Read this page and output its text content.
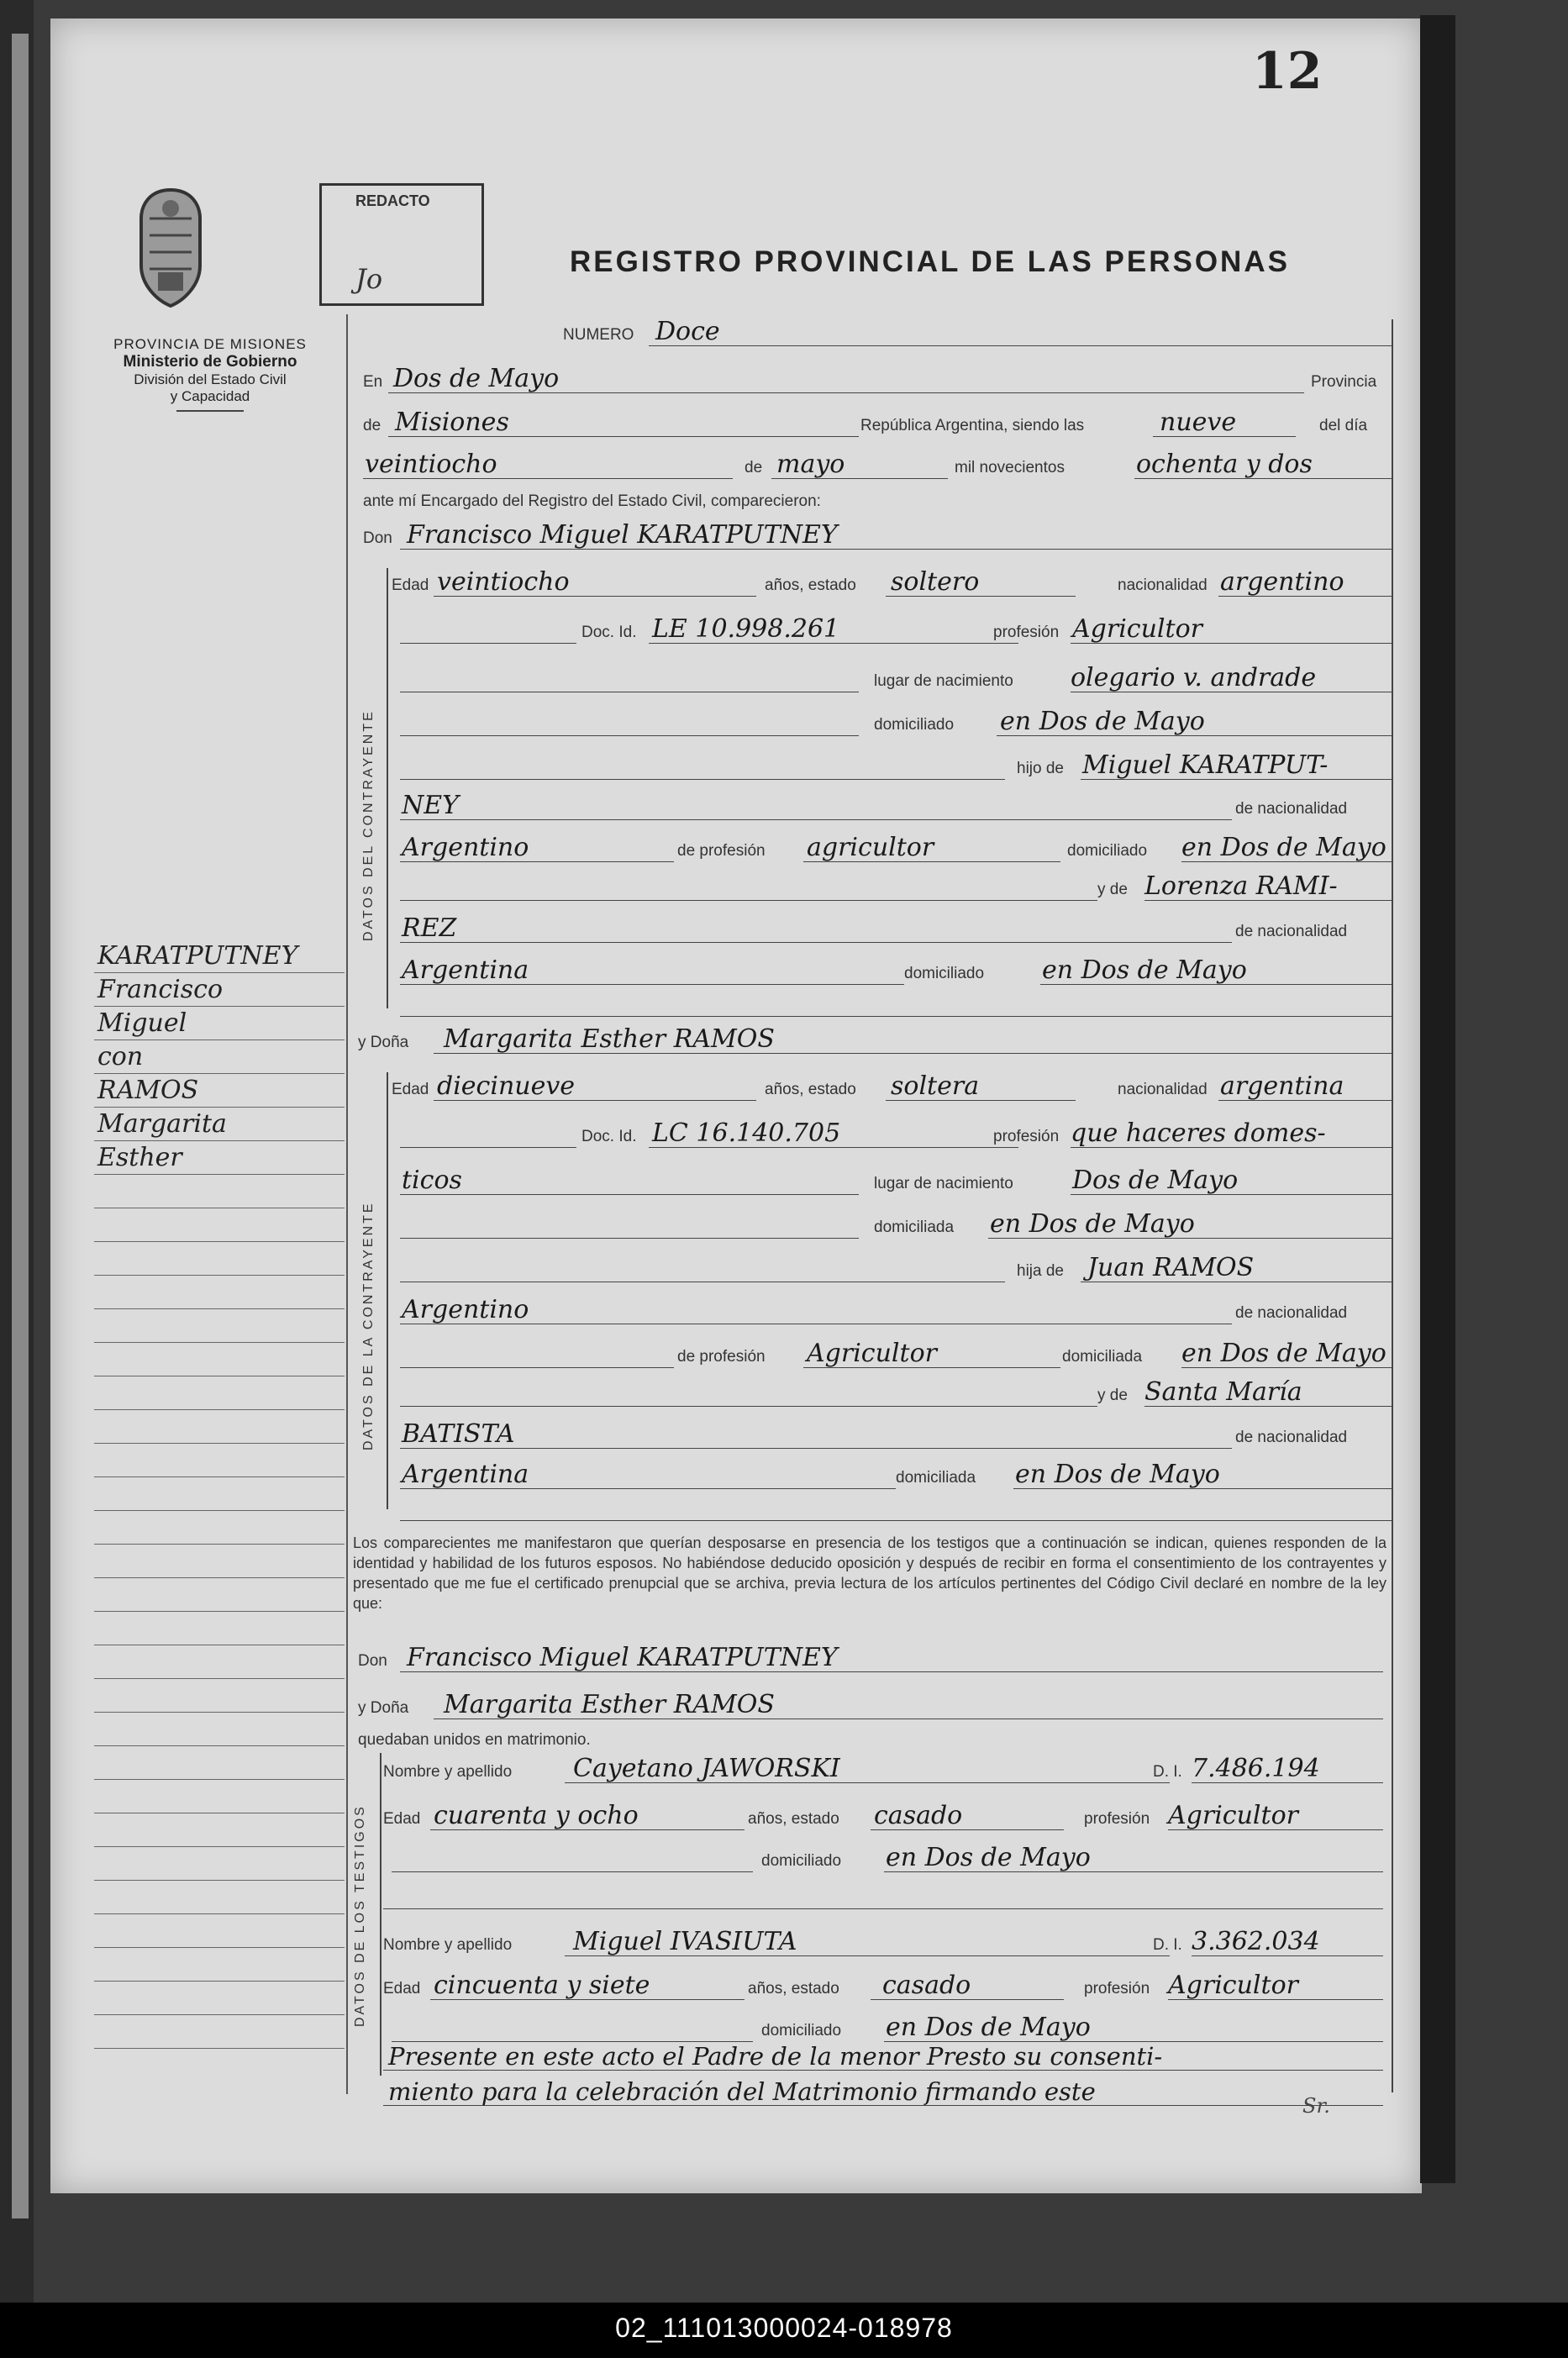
02_111013000024-018978
12
PROVINCIA DE MISIONES
Ministerio de Gobierno
División del Estado Civil
y Capacidad
REDACTO
Jo
REGISTRO PROVINCIAL DE LAS PERSONAS
KARATPUTNEY
Francisco
Miguel
con
RAMOS
Margarita
Esther
NUMERO Doce
En Dos de Mayo	Provincia
de Misiones	República Argentina, siendo las	nueve	del día
veintiocho	de mayo	mil novecientos	ochenta y dos
ante mí Encargado del Registro del Estado Civil, comparecieron:
Don Francisco Miguel KARATPUTNEY
DATOS DEL CONTRAYENTE
Edad veintiocho	años, estado soltero	nacionalidad argentino
Doc. Id. LE 10.998.261	profesión Agricultor
lugar de nacimiento olegario v. andrade
domiciliado en Dos de Mayo
hijo de Miguel KARATPUT-
NEY	de nacionalidad
Argentino	de profesión agricultor	domiciliado en Dos de Mayo
y de Lorenza RAMI-
REZ	de nacionalidad
Argentina	domiciliado en Dos de Mayo
y Doña Margarita Esther RAMOS
DATOS DE LA CONTRAYENTE
Edad diecinueve	años, estado soltera	nacionalidad argentina
Doc. Id. LC 16.140.705	profesión que haceres domes-
ticos	lugar de nacimiento Dos de Mayo
domiciliada en Dos de Mayo
hija de Juan RAMOS
Argentino	de nacionalidad
de profesión Agricultor	domiciliada en Dos de Mayo
y de Santa María
BATISTA	de nacionalidad
Argentina	domiciliada en Dos de Mayo
Los comparecientes me manifestaron que querían desposarse en presencia de los testigos que a continuación se indican, quienes responden de la identidad y habilidad de los futuros esposos. No habiéndose deducido oposición y después de recibir en forma el consentimiento de los contrayentes y presentado que me fue el certificado prenupcial que se archiva, previa lectura de los artículos pertinentes del Código Civil declaré en nombre de la ley que:
Don Francisco Miguel KARATPUTNEY
y Doña Margarita Esther RAMOS
quedaban unidos en matrimonio.
DATOS DE LOS TESTIGOS
Nombre y apellido Cayetano JAWORSKI	D. I. 7.486.194
Edad cuarenta y ocho	años, estado casado	profesión Agricultor
domiciliado en Dos de Mayo
Nombre y apellido Miguel IVASIUTA	D. I. 3.362.034
Edad cincuenta y siete	años, estado casado	profesión Agricultor
domiciliado en Dos de Mayo
Presente en este acto el Padre de la menor Presto su consenti-
miento para la celebración del Matrimonio firmando este	Sr.
